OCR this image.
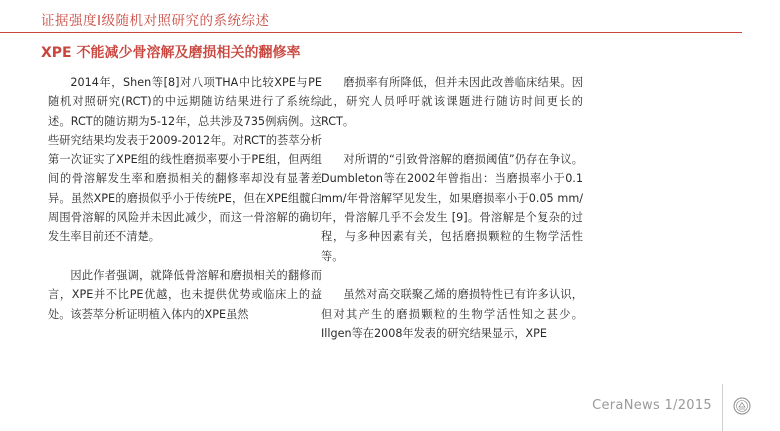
证据强度I级随机对照研究的系统综述
XPE 不能减少骨溶解及磨损相关的翻修率

2014年，Shen等[8]对八项THA中比较XPE与PE随机对照研究(RCT)的中远期随访结果进行了系统综述。RCT的随访期为5-12年，总共涉及735例病例。这些研究结果均发表于2009-2012年。对RCT的荟萃分析第一次证实了XPE组的线性磨损率要小于PE组，但两组间的骨溶解发生率和磨损相关的翻修率却没有显著差异。虽然XPE的磨损似乎小于传统PE，但在XPE组髋臼周围骨溶解的风险并未因此减少，而这一骨溶解的确切发生率目前还不清楚。

因此作者强调，就降低骨溶解和磨损相关的翻修而言，XPE并不比PE优越，也未提供优势或临床上的益处。该荟萃分析证明植入体内的XPE虽然

磨损率有所降低，但并未因此改善临床结果。因此，研究人员呼吁就该课题进行随访时间更长的RCT。

对所谓的“引致骨溶解的磨损阈值”仍存在争议。Dumbleton等在2002年曾指出：当磨损率小于0.1 mm/年骨溶解罕见发生，如果磨损率小于0.05 mm/年，骨溶解几乎不会发生 [9]。骨溶解是个复杂的过程，与多种因素有关，包括磨损颗粒的生物学活性等。

虽然对高交联聚乙烯的磨损特性已有许多认识，但对其产生的磨损颗粒的生物学活性知之甚少。Illgen等在2008年发表的研究结果显示，XPE

CeraNews 1/2015
